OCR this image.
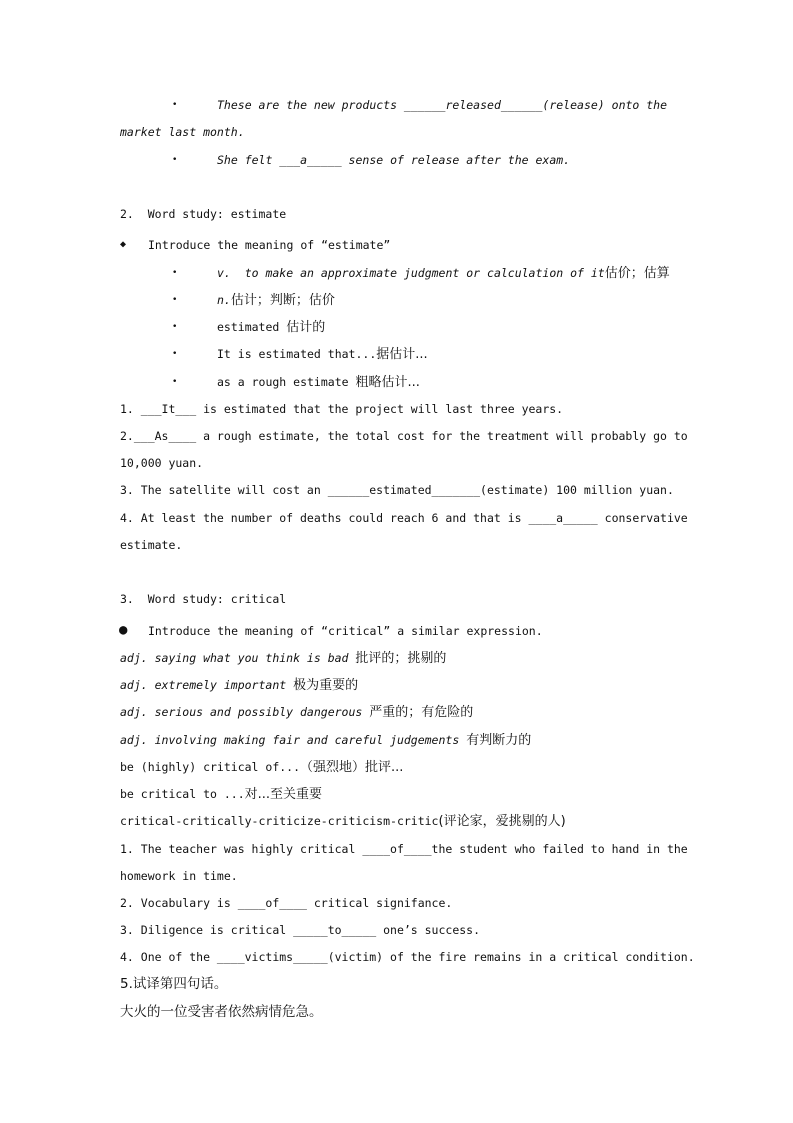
•	These are the new products ______released______(release) onto the
market last month.
•	She felt ___a_____ sense of release after the exam.
2.  Word study: estimate
◆ Introduce the meaning of “estimate”
•	v.  to make an approximate judgment or calculation of it估价；估算
•	n.估计；判断；估价
•	estimated 估计的
•	It is estimated that...据估计...
•	as a rough estimate 粗略估计...
1. ___It___ is estimated that the project will last three years.
2.___As____ a rough estimate, the total cost for the treatment will probably go to
10,000 yuan.
3. The satellite will cost an ______estimated_______(estimate) 100 million yuan.
4. At least the number of deaths could reach 6 and that is ____a_____ conservative
estimate.
3.  Word study: critical
● Introduce the meaning of “critical” a similar expression.
adj. saying what you think is bad 批评的；挑剔的
adj. extremely important 极为重要的
adj. serious and possibly dangerous 严重的；有危险的
adj. involving making fair and careful judgements 有判断力的
be (highly) critical of...（强烈地）批评...
be critical to ...对...至关重要
critical-critically-criticize-criticism-critic(评论家，爱挑剔的人)
1. The teacher was highly critical ____of____the student who failed to hand in the
homework in time.
2. Vocabulary is ____of____ critical signifance.
3. Diligence is critical _____to_____ one’s success.
4. One of the ____victims_____(victim) of the fire remains in a critical condition.
5.试译第四句话。
大火的一位受害者依然病情危急。
